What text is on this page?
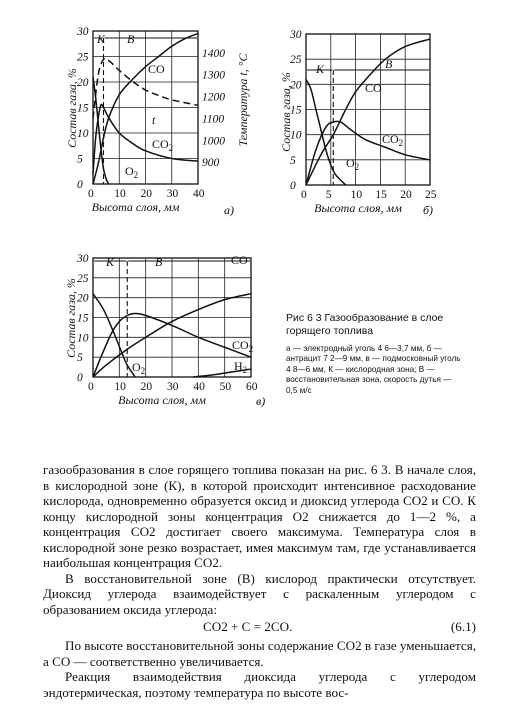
0 10 20 30 40
0
5
10
15
20
25
30
1400
1300
1200
1100
1000
900
Температура t, °C
Высота слоя, мм
Состав газа, %
а)
К В
CO
$CO_2$
$O_2$
t
0 5 10 15 20 25
0
5
10
15
20
25
30
Высота слоя, мм
Состав газа, %
б)
К	В
CO
$CO_2$
$O_2$
0 10 20 30 40 50 60
0
5
10
15
20
25
30
Высота слоя, мм
Состав газа, %
в)
К	В	CO
$CO_2$
$O_2$	$H_2$

Рис 6 3 Газообразование в слое горящего топлива

а — электродный уголь 4 6—3,7 мм, б — антрацит 7 2—9 мм, в — подмосковный уголь 4 8—6 мм, К — кислородная зона; В — восстановительная зона, скорость дутья — 0,5 м/с

газообразования в слое горящего топлива показан на рис. 6 3. В начале слоя, в кислородной зоне (К), в которой происходит интенсивное расходование кислорода, одновременно образуется оксид и диоксид углерода CO2 и CO. К концу кислородной зоны концентрация O2 снижается до 1—2 %, а концентрация CO2 достигает своего максимума. Температура слоя в кислородной зоне резко возрастает, имея максимум там, где устанавливается наибольшая концентрация CO2.

В восстановительной зоне (В) кислород практически отсутствует. Диоксид углерода взаимодействует с раскаленным углеродом с образованием оксида углерода:

CO2 + C = 2CO.	(6.1)

По высоте восстановительной зоны содержание CO2 в газе уменьшается, а CO — соответственно увеличивается.

Реакция взаимодействия диоксида углерода с углеродом эндотермическая, поэтому температура по высоте вос-
